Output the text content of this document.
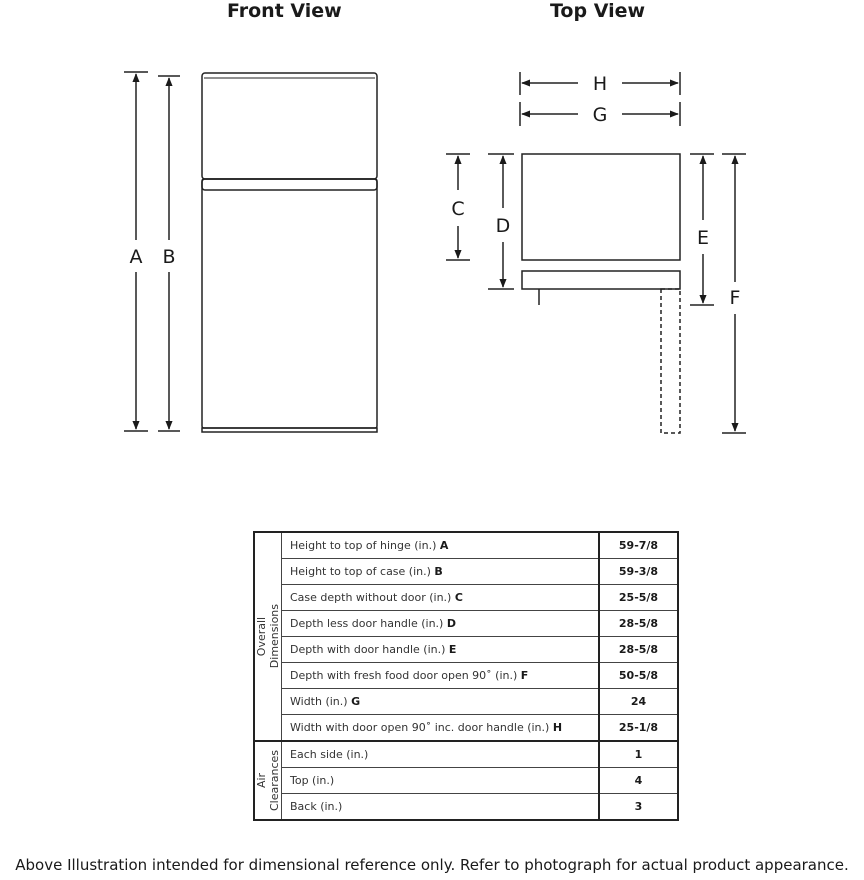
Front View	Top View
A B
H
G
C
D
E
F
Overall Dimensions	Height to top of hinge (in.) A	59-7/8
	Height to top of case (in.) B	59-3/8
	Case depth without door (in.) C	25-5/8
	Depth less door handle (in.) D	28-5/8
	Depth with door handle (in.) E	28-5/8
	Depth with fresh food door open 90˚ (in.) F	50-5/8
	Width (in.) G	24
	Width with door open 90˚ inc. door handle (in.) H	25-1/8

Air Clearances	Each side (in.)	1
	Top (in.)	4
	Back (in.)	3
Above Illustration intended for dimensional reference only. Refer to photograph for actual product appearance.
